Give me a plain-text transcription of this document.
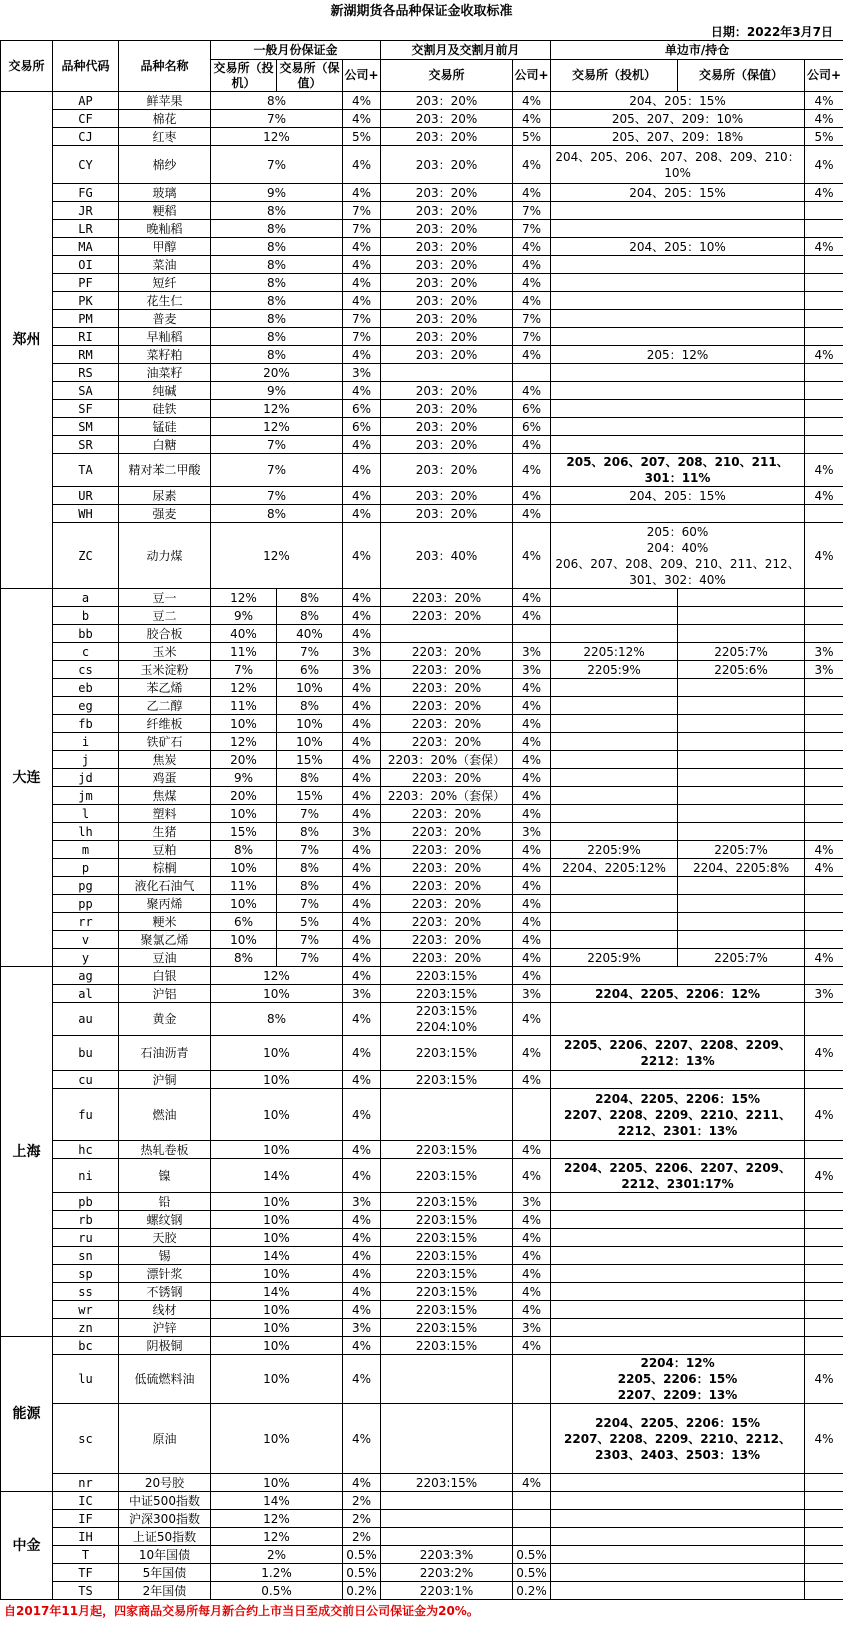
新湖期货各品种保证金收取标准
日期：2022年3月7日
交易所	品种代码	品种名称	一般月份保证金			交割月及交割月前月		单边市/持仓		
			交易所（投机）	交易所（保值）	公司+	交易所	公司+	交易所（投机）	交易所（保值）	公司+
郑州	AP	鲜苹果	8%		4%	203：20%	4%	204、205：15%		4%
	CF	棉花	7%		4%	203：20%	4%	205、207、209：10%		4%
	CJ	红枣	12%		5%	203：20%	5%	205、207、209：18%		5%
	CY	棉纱	7%		4%	203：20%	4%	204、205、206、207、208、209、210：10%		4%
	FG	玻璃	9%		4%	203：20%	4%	204、205：15%		4%
	JR	粳稻	8%		7%	203：20%	7%			
	LR	晚籼稻	8%		7%	203：20%	7%			
	MA	甲醇	8%		4%	203：20%	4%	204、205：10%		4%
	OI	菜油	8%		4%	203：20%	4%			
	PF	短纤	8%		4%	203：20%	4%			
	PK	花生仁	8%		4%	203：20%	4%			
	PM	普麦	8%		7%	203：20%	7%			
	RI	早籼稻	8%		7%	203：20%	7%			
	RM	菜籽粕	8%		4%	203：20%	4%	205：12%		4%
	RS	油菜籽	20%		3%					
	SA	纯碱	9%		4%	203：20%	4%			
	SF	硅铁	12%		6%	203：20%	6%			
	SM	锰硅	12%		6%	203：20%	6%			
	SR	白糖	7%		4%	203：20%	4%			
	TA	精对苯二甲酸	7%		4%	203：20%	4%	205、206、207、208、210、211、301：11%		4%
	UR	尿素	7%		4%	203：20%	4%	204、205：15%		4%
	WH	强麦	8%		4%	203：20%	4%			
	ZC	动力煤	12%		4%	203：40%	4%	205：60%
204：40%
206、207、208、209、210、211、212、301、302：40%		4%
大连	a	豆一	12%	8%	4%	2203：20%	4%			
	b	豆二	9%	8%	4%	2203：20%	4%			
	bb	胶合板	40%	40%	4%					
	c	玉米	11%	7%	3%	2203：20%	3%	2205:12%	2205:7%	3%
	cs	玉米淀粉	7%	6%	3%	2203：20%	3%	2205:9%	2205:6%	3%
	eb	苯乙烯	12%	10%	4%	2203：20%	4%			
	eg	乙二醇	11%	8%	4%	2203：20%	4%			
	fb	纤维板	10%	10%	4%	2203：20%	4%			
	i	铁矿石	12%	10%	4%	2203：20%	4%			
	j	焦炭	20%	15%	4%	2203：20%（套保）	4%			
	jd	鸡蛋	9%	8%	4%	2203：20%	4%			
	jm	焦煤	20%	15%	4%	2203：20%（套保）	4%			
	l	塑料	10%	7%	4%	2203：20%	4%			
	lh	生猪	15%	8%	3%	2203：20%	3%			
	m	豆粕	8%	7%	4%	2203：20%	4%	2205:9%	2205:7%	4%
	p	棕榈	10%	8%	4%	2203：20%	4%	2204、2205:12%	2204、2205:8%	4%
	pg	液化石油气	11%	8%	4%	2203：20%	4%			
	pp	聚丙烯	10%	7%	4%	2203：20%	4%			
	rr	粳米	6%	5%	4%	2203：20%	4%			
	v	聚氯乙烯	10%	7%	4%	2203：20%	4%			
	y	豆油	8%	7%	4%	2203：20%	4%	2205:9%	2205:7%	4%
上海	ag	白银	12%		4%	2203:15%	4%			
	al	沪铝	10%		3%	2203:15%	3%	2204、2205、2206：12%		3%
	au	黄金	8%		4%	2203:15%
2204:10%	4%			
	bu	石油沥青	10%		4%	2203:15%	4%	2205、2206、2207、2208、2209、2212：13%		4%
	cu	沪铜	10%		4%	2203:15%	4%			
	fu	燃油	10%		4%			2204、2205、2206：15%
2207、2208、2209、2210、2211、2212、2301：13%		4%
	hc	热轧卷板	10%		4%	2203:15%	4%			
	ni	镍	14%		4%	2203:15%	4%	2204、2205、2206、2207、2209、2212、2301:17%		4%
	pb	铅	10%		3%	2203:15%	3%			
	rb	螺纹钢	10%		4%	2203:15%	4%			
	ru	天胶	10%		4%	2203:15%	4%			
	sn	锡	14%		4%	2203:15%	4%			
	sp	漂针浆	10%		4%	2203:15%	4%			
	ss	不锈钢	14%		4%	2203:15%	4%			
	wr	线材	10%		4%	2203:15%	4%			
	zn	沪锌	10%		3%	2203:15%	3%			
能源	bc	阴极铜	10%		4%	2203:15%	4%			
	lu	低硫燃料油	10%		4%			2204：12%
2205、2206：15%
2207、2209：13%		4%
	sc	原油	10%		4%			2204、2205、2206：15%
2207、2208、2209、2210、2212、2303、2403、2503：13%		4%
	nr	20号胶	10%		4%	2203:15%	4%			
中金	IC	中证500指数	14%		2%					
	IF	沪深300指数	12%		2%					
	IH	上证50指数	12%		2%					
	T	10年国债	2%		0.5%	2203:3%	0.5%			
	TF	5年国债	1.2%		0.5%	2203:2%	0.5%			
	TS	2年国债	0.5%		0.2%	2203:1%	0.2%			
自2017年11月起，四家商品交易所每月新合约上市当日至成交前日公司保证金为20%。
